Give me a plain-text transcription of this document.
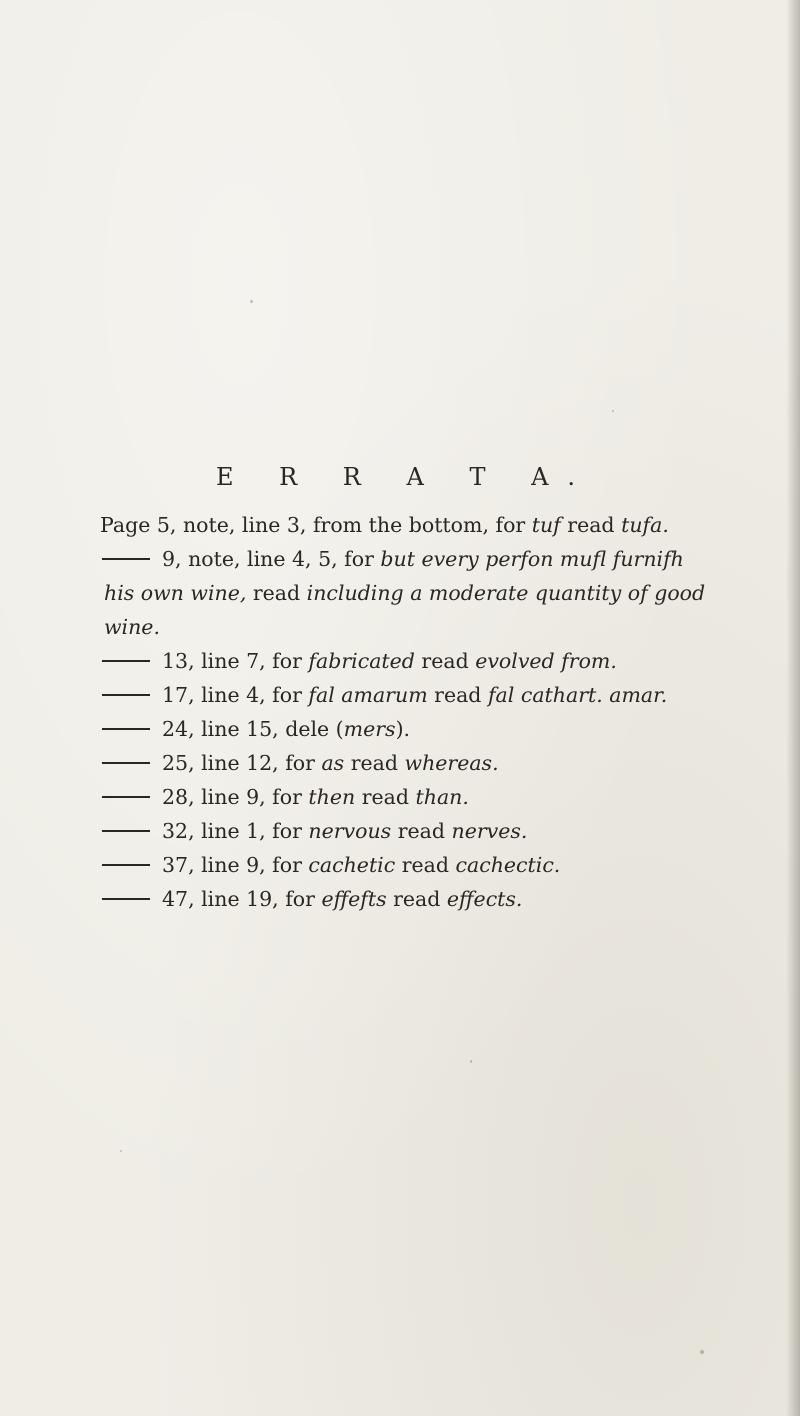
E R R A T A.
Page 5, note, line 3, from the bottom, for tuf read tufa.
9, note, line 4, 5, for but every perfon mufl furnifh
his own wine, read including a moderate quantity of good wine.
13, line 7, for fabricated read evolved from.
17, line 4, for fal amarum read fal cathart. amar.
24, line 15, dele (mers).
25, line 12, for as read whereas.
28, line 9, for then read than.
32, line 1, for nervous read nerves.
37, line 9, for cachetic read cachectic.
47, line 19, for effefts read effects.
